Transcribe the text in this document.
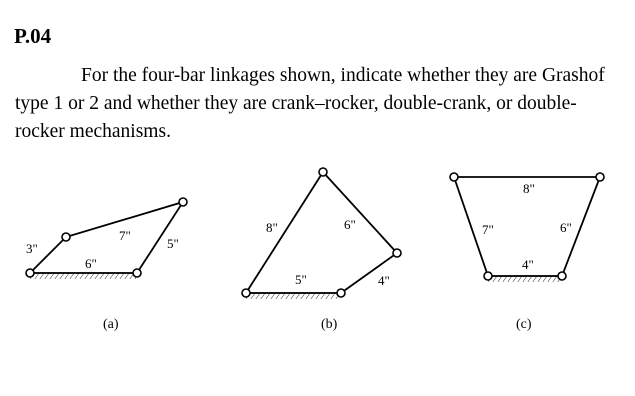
P.04
For the four-bar linkages shown, indicate whether they are Grashof type 1 or 2 and whether they are crank–rocker, double-crank, or double-rocker mechanisms.
3"
7"
5"
6"
(a)
8"	6"
4"
5"
(b)
8"
7"	6"
4"
(c)
